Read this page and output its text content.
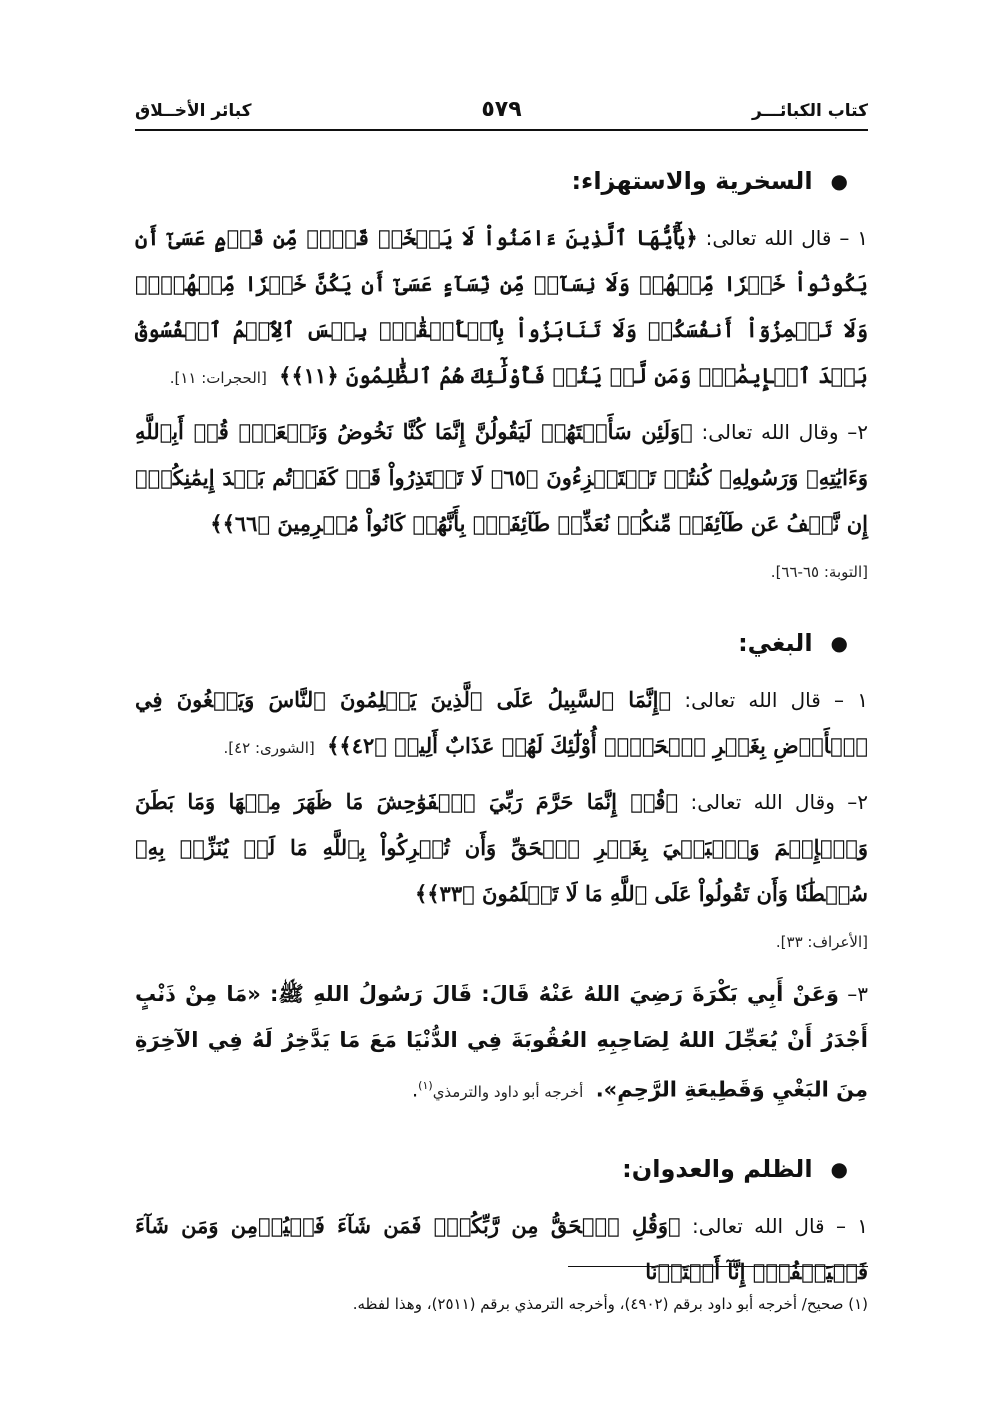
كتاب الكبائـــر
٥٧٩
كبائر الأخــلاق
●
السخرية والاستهزاء:

١ – قال الله تعالى: ﴿يَٰٓأَيُّهَا ٱلَّذِينَ ءَامَنُواْ لَا يَسۡخَرۡ قَوۡمٞ مِّن قَوۡمٍ عَسَىٰٓ أَن يَكُونُواْ خَيۡرٗا مِّنۡهُمۡ وَلَا نِسَآءٞ مِّن نِّسَآءٍ عَسَىٰٓ أَن يَكُنَّ خَيۡرٗا مِّنۡهُنَّۖ وَلَا تَلۡمِزُوٓاْ أَنفُسَكُمۡ وَلَا تَنَابَزُواْ بِٱلۡأَلۡقَٰبِۖ بِئۡسَ ٱلِٱسۡمُ ٱلۡفُسُوقُ بَعۡدَ ٱلۡإِيمَٰنِۚ وَمَن لَّمۡ يَتُبۡ فَأُوْلَٰٓئِكَ هُمُ ٱلظَّٰلِمُونَ ﴿١١﴾﴾ [الحجرات: ١١].

٢– وقال الله تعالى: ﴿وَلَئِن سَأَلۡتَهُمۡ لَيَقُولُنَّ إِنَّمَا كُنَّا نَخُوضُ وَنَلۡعَبُۚ قُلۡ أَبِٱللَّهِ وَءَايَٰتِهِۦ وَرَسُولِهِۦ كُنتُمۡ تَسۡتَهۡزِءُونَ ﴿٦٥﴾ لَا تَعۡتَذِرُواْ قَدۡ كَفَرۡتُم بَعۡدَ إِيمَٰنِكُمۡۚ إِن نَّعۡفُ عَن طَآئِفَةٖ مِّنكُمۡ نُعَذِّبۡ طَآئِفَةَۢ بِأَنَّهُمۡ كَانُواْ مُجۡرِمِينَ ﴿٦٦﴾﴾

[التوبة: ٦٥-٦٦].

●
البغي:

١ – قال الله تعالى: ﴿إِنَّمَا ٱلسَّبِيلُ عَلَى ٱلَّذِينَ يَظۡلِمُونَ ٱلنَّاسَ وَيَبۡغُونَ فِي ٱلۡأَرۡضِ بِغَيۡرِ ٱلۡحَقِّۚ أُوْلَٰٓئِكَ لَهُمۡ عَذَابٌ أَلِيمٞ ﴿٤٢﴾﴾ [الشورى: ٤٢].

٢– وقال الله تعالى: ﴿قُلۡ إِنَّمَا حَرَّمَ رَبِّيَ ٱلۡفَوَٰحِشَ مَا ظَهَرَ مِنۡهَا وَمَا بَطَنَ وَٱلۡإِثۡمَ وَٱلۡبَغۡيَ بِغَيۡرِ ٱلۡحَقِّ وَأَن تُشۡرِكُواْ بِٱللَّهِ مَا لَمۡ يُنَزِّلۡ بِهِۦ سُلۡطَٰنٗا وَأَن تَقُولُواْ عَلَى ٱللَّهِ مَا لَا تَعۡلَمُونَ ﴿٣٣﴾﴾

[الأعراف: ٣٣].

٣– وَعَنْ أَبِي بَكْرَةَ رَضِيَ اللهُ عَنْهُ قَالَ: قَالَ رَسُولُ اللهِ ﷺ: «مَا مِنْ ذَنْبٍ أَجْدَرُ أَنْ يُعَجِّلَ اللهُ لِصَاحِبِهِ العُقُوبَةَ فِي الدُّنْيَا مَعَ مَا يَدَّخِرُ لَهُ فِي الآخِرَةِ مِنَ البَغْيِ وَقَطِيعَةِ الرَّحِمِ». أخرجه أبو داود والترمذي$^{(١)}$.

●
الظلم والعدوان:

١ – قال الله تعالى: ﴿وَقُلِ ٱلۡحَقُّ مِن رَّبِّكُمۡۖ فَمَن شَآءَ فَلۡيُؤۡمِن وَمَن شَآءَ فَلۡيَكۡفُرۡۚ إِنَّآ أَعۡتَدۡنَا

(١) صحيح/ أخرجه أبو داود برقم (٤٩٠٢)، وأخرجه الترمذي برقم (٢٥١١)، وهذا لفظه.
